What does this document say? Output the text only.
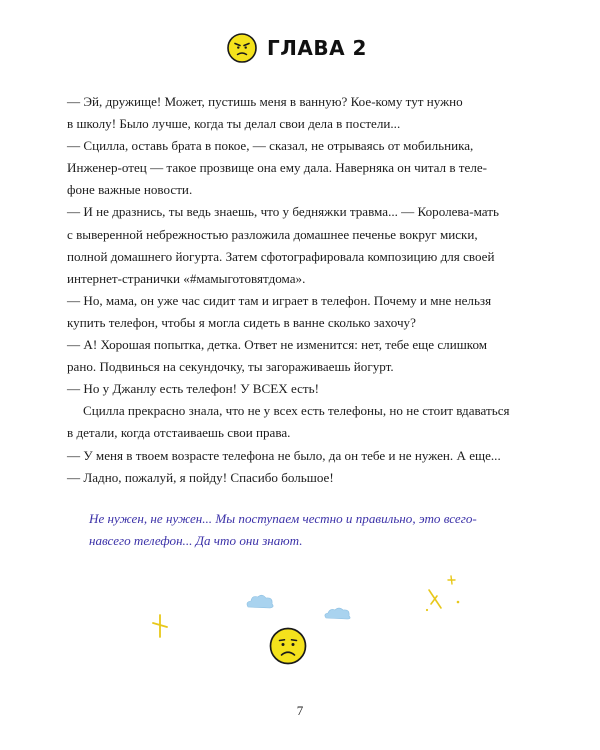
ГЛАВА 2
— Эй, дружище! Может, пустишь меня в ванную? Кое-кому тут нужно
в школу! Было лучше, когда ты делал свои дела в постели...
— Сцилла, оставь брата в покое, — сказал, не отрываясь от мобильника,
Инженер-отец — такое прозвище она ему дала. Наверняка он читал в теле-
фоне важные новости.
— И не дразнись, ты ведь знаешь, что у бедняжки травма... — Королева-мать
с выверенной небрежностью разложила домашнее печенье вокруг миски,
полной домашнего йогурта. Затем сфотографировала композицию для своей
интернет-странички «#мамыготовятдома».
— Но, мама, он уже час сидит там и играет в телефон. Почему и мне нельзя
купить телефон, чтобы я могла сидеть в ванне сколько захочу?
— А! Хорошая попытка, детка. Ответ не изменится: нет, тебе еще слишком
рано. Подвинься на секундочку, ты загораживаешь йогурт.
— Но у Джанлу есть телефон! У ВСЕХ есть!
Сцилла прекрасно знала, что не у всех есть телефоны, но не стоит вдаваться
в детали, когда отстаиваешь свои права.
— У меня в твоем возрасте телефона не было, да он тебе и не нужен. А еще...
— Ладно, пожалуй, я пойду! Спасибо большое!
Не нужен, не нужен... Мы поступаем честно и правильно, это всего-
навсего телефон... Да что они знают.
7
